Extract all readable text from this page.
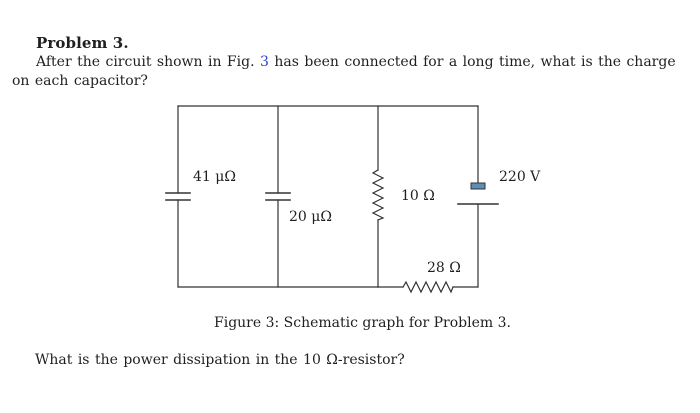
Problem 3.
After the circuit shown in Fig. 3 has been connected for a long time, what is the charge on each capacitor?
41 μΩ
20 μΩ
10 Ω
28 Ω
220 V
Figure 3: Schematic graph for Problem 3.
What is the power dissipation in the 10 Ω-resistor?
